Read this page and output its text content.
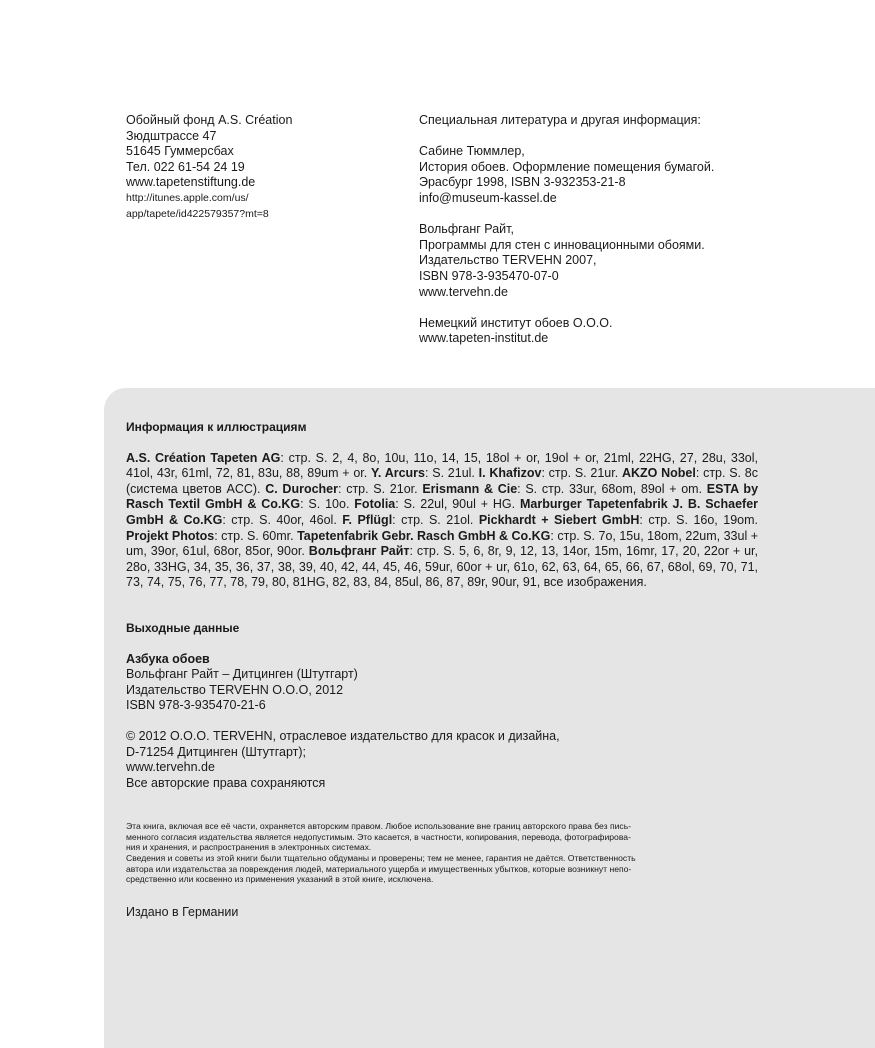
Обойный фонд A.S. Création
Зюдштрассе 47
51645 Гуммерсбах
Тел. 022 61-54 24 19
www.tapetenstiftung.de
http://itunes.apple.com/us/
app/tapete/id422579357?mt=8
Специальная литература и другая информация:
Сабине Тюммлер,
История обоев. Оформление помещения бумагой.
Эрасбург 1998, ISBN 3-932353-21-8
info@museum-kassel.de
Вольфганг Райт,
Программы для стен с инновационными обоями.
Издательство TERVEHN 2007,
ISBN 978-3-935470-07-0
www.tervehn.de
Немецкий институт обоев О.О.О.
www.tapeten-institut.de

Информация к иллюстрациям

A.S. Création Tapeten AG: стр. S. 2, 4, 8o, 10u, 11o, 14, 15, 18ol + or, 19ol + or, 21ml, 22HG, 27, 28u, 33ol, 41ol, 43r, 61ml, 72, 81, 83u, 88, 89um + or. Y. Arcurs: S. 21ul. I. Khafizov: стр. S. 21ur. AKZO Nobel: стр. S. 8c (система цветов ACC). C. Durocher: стр. S. 21or. Erismann & Cie: S. стр. 33ur, 68om, 89ol + om. ESTA by Rasch Textil GmbH & Co.KG: S. 10o. Fotolia: S. 22ul, 90ul + HG. Marburger Tapetenfabrik J. B. Schaefer GmbH & Co.KG: стр. S. 40or, 46ol. F. Pflügl: стр. S. 21ol. Pickhardt + Siebert GmbH: стр. S. 16o, 19om. Projekt Photos: стр. S. 60mr. Tapetenfabrik Gebr. Rasch GmbH & Co.KG: стр. S. 7o, 15u, 18om, 22um, 33ul + um, 39or, 61ul, 68or, 85or, 90or. Вольфганг Райт: стр. S. 5, 6, 8r, 9, 12, 13, 14or, 15m, 16mr, 17, 20, 22or + ur, 28o, 33HG, 34, 35, 36, 37, 38, 39, 40, 42, 44, 45, 46, 59ur, 60or + ur, 61o, 62, 63, 64, 65, 66, 67, 68ol, 69, 70, 71, 73, 74, 75, 76, 77, 78, 79, 80, 81HG, 82, 83, 84, 85ul, 86, 87, 89r, 90ur, 91, все изображения.

Выходные данные

Азбука обоев
Вольфганг Райт – Дитцинген (Штутгарт)
Издательство TERVEHN О.О.О, 2012
ISBN 978-3-935470-21-6
© 2012 О.О.О. TERVEHN, отраслевое издательство для красок и дизайна,
D-71254 Дитцинген (Штутгарт);
www.tervehn.de
Все авторские права сохраняются
Эта книга, включая все её части, охраняется авторским правом. Любое использование вне границ авторского права без пись-
менного согласия издательства является недопустимым. Это касается, в частности, копирования, перевода, фотографирова-
ния и хранения, и распространения в электронных системах.
Сведения и советы из этой книги были тщательно обдуманы и проверены; тем не менее, гарантия не даётся. Ответственность
автора или издательства за повреждения людей, материального ущерба и имущественных убытков, которые возникнут непо-
средственно или косвенно из применения указаний в этой книге, исключена.
Издано в Германии
